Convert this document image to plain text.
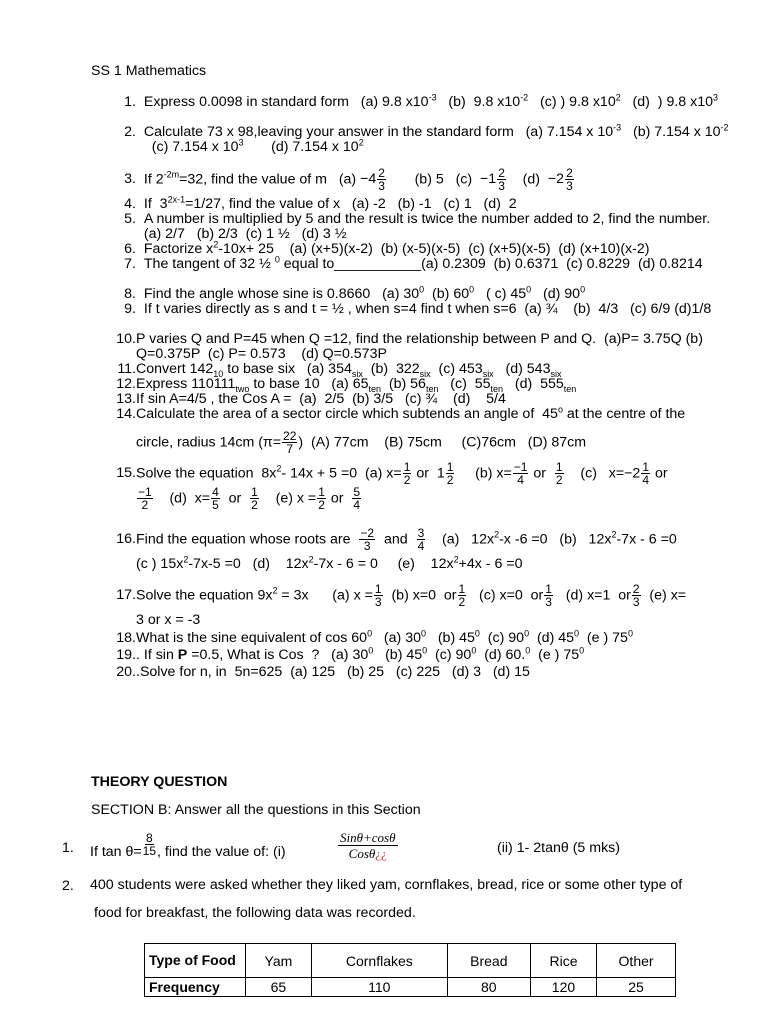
SS 1 Mathematics
1.
Express 0.0098 in standard form   (a) 9.8 $x10^{-3}$   (b)  9.8 $x10^{-2}$   (c) ) 9.8 $x10^2$   (d)  ) 9.8 $x10^3$
2.
Calculate 73 x 98,leaving your answer in the standard form   (a) 7.154 x $10^{-3}$   (b) 7.154 x $10^{-2}$   (c) 7.154 x $10^3$       (d) 7.154 x $10^2$
3.
If $2^{-2m}=32$, find the value of m   $(a) -4 \frac{2}{3} (b)$ 5   $(c) -1 \frac{2}{3} (d) -2 \frac{2}{3}$
4.
If  $3^{2x-1}=1/27$, find the value of x   (a) -2   (b) -1   (c) 1   (d)  2
5.
A number is multiplied by 5 and the result is twice the number added to 2, find the number.  (a) 2/7   (b) 2/3  (c) 1 ½   (d) 3 ½
6.
Factorize $x^2-10x+ 25$    (a) (x+5)(x-2)  (b) (x-5)(x-5)  (c) (x+5)(x-5)  (d) (x+10)(x-2)
7.
The tangent of 32 ½ $^0$ equal to___________(a) 0.2309  (b) 0.6371  (c) 0.8229  (d) 0.8214
8.
Find the angle whose sine is 0.8660   (a) $30^0$  (b) $60^0$   ( c) $45^0$   (d) $90^0$
9.
If t varies directly as s and t = ½ , when s=4 find t when s=6  (a) ¾    (b)  4/3   (c) 6/9 (d)1/8
10. P varies Q and P=45 when Q =12, find the relationship between P and Q.  (a)P= 3.75Q (b) Q=0.375P  (c) P= 0.573    (d) Q=0.573P
11. Convert $142_{10}$ to base six   (a) $354_{six}$  (b)  $322_{six}$  (c) $453_{six}$   (d) $543_{six}$
12. Express $110111_{two}$ to base 10   (a) $65_{ten}$  (b) $56_{ten}$   (c)  $55_{ten}$   (d)  $555_{ten}$
13. If sin A=4/5 , the Cos A =  (a)  2/5  (b) 3/5   (c) ¾    (d)    5/4
14. Calculate the area of a sector circle which subtends an angle of  45$^o$ at the centre of the
circle, radius 14cm ($\pi= \frac{22}{7}$ )  (A) 77cm    (B) 75cm     (C)76cm   (D) 87cm
15. Solve the equation  $8x^2-$ 14x + 5 =0  (a) $x= \frac{1}{2}$ or  $1 \frac{1}{2} (b)$ $x= \frac{-1}{4}$ or $\frac{1}{2} (c)$   $x=-2 \frac{1}{4}$ or

$\frac{-1}{2} (d)$  $x= \frac{4}{5}$ or $\frac{1}{2} (e) x = \frac{1}{2}$ or $\frac{5}{4}$
16. Find the equation whose roots are $\frac{-2}{3}$ and $\frac{3}{4} (a)$   $12x^2-x$ -6 =0   (b)   $12x^2-7x - 6 =0$
(c ) $15x^2-7x-5 =0$   (d)    $12x^2-7x - 6 = 0$     (e)    $12x^2+4x - 6 =0$
17. Solve the equation $9x^2 = 3x$      (a) $x = \frac{1}{3} (b)$ x=0  or $\frac{1}{2} (c)$ x=0  or $\frac{1}{3} (d)$ x=1  or $\frac{2}{3} (e)$ x=
3 or x = -3
18. What is the sine equivalent of $\cos 60^0$   (a) $30^0$   (b) $45^0$  (c) $90^0$  (d) $45^0$  (e ) $75^0$
19. . If sin P =0.5, What is Cos  ?   (a) $30^0$   (b) $45^0$  (c) $90^0$  (d) 60.$^0$  (e ) $75^0$
20. .Solve for n, in  5n=625  (a) 125   (b) 25   (c) 225   (d) 3   (d) 15
THEORY QUESTION
SECTION B: Answer all the questions in this Section
1. If $\tan \theta= \frac{8}{15}$ , find the value of: (i)
Sinθ+cosθ
Cosθ¿¿	(ii) 1- 2tanθ (5 mks)
2. 400 students were asked whether they liked yam, cornflakes, bread, rice or some other type of
food for breakfast, the following data was recorded.
Type of Food	Yam	Cornflakes	Bread	Rice	Other
Frequency	65	110	80	120	25
